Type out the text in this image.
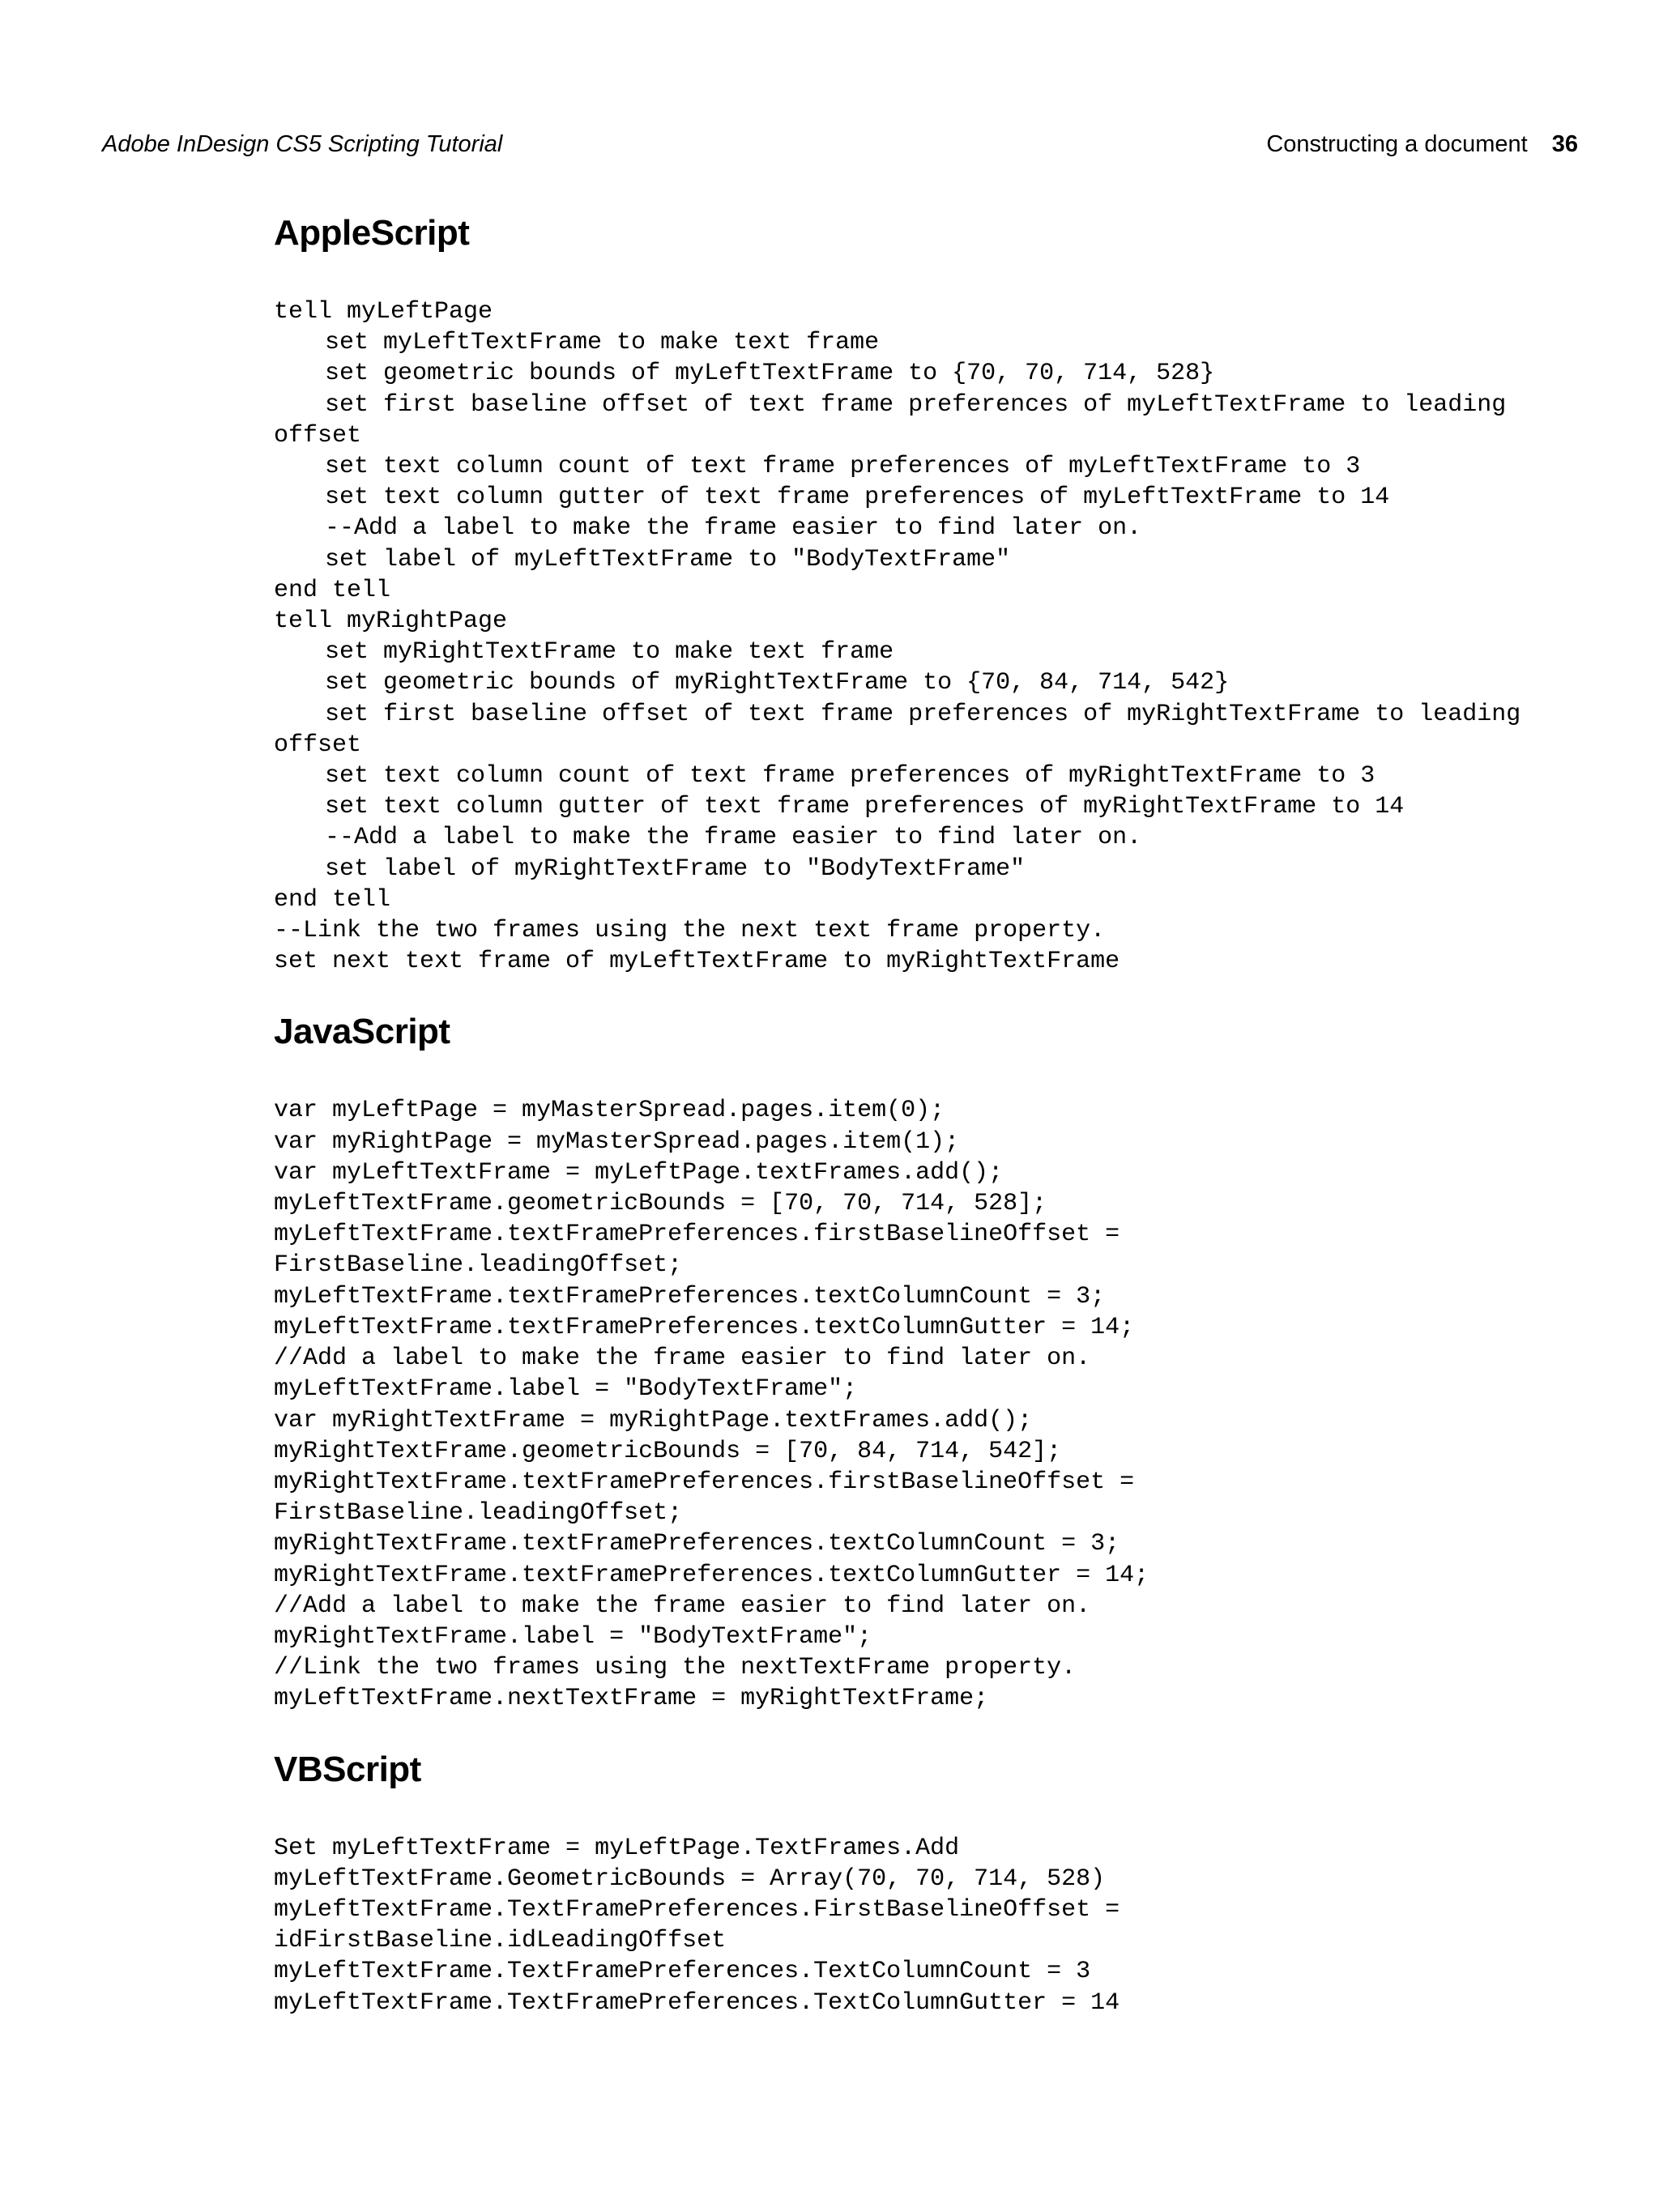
Adobe InDesign CS5 Scripting Tutorial	Constructing a document 36
AppleScript
tell myLeftPage
set myLeftTextFrame to make text frame
set geometric bounds of myLeftTextFrame to {70, 70, 714, 528}
set first baseline offset of text frame preferences of myLeftTextFrame to leading
offset
set text column count of text frame preferences of myLeftTextFrame to 3
set text column gutter of text frame preferences of myLeftTextFrame to 14
--Add a label to make the frame easier to find later on.
set label of myLeftTextFrame to "BodyTextFrame"
end tell
tell myRightPage
set myRightTextFrame to make text frame
set geometric bounds of myRightTextFrame to {70, 84, 714, 542}
set first baseline offset of text frame preferences of myRightTextFrame to leading
offset
set text column count of text frame preferences of myRightTextFrame to 3
set text column gutter of text frame preferences of myRightTextFrame to 14
--Add a label to make the frame easier to find later on.
set label of myRightTextFrame to "BodyTextFrame"
end tell
--Link the two frames using the next text frame property.
set next text frame of myLeftTextFrame to myRightTextFrame
JavaScript
var myLeftPage = myMasterSpread.pages.item(0);
var myRightPage = myMasterSpread.pages.item(1);
var myLeftTextFrame = myLeftPage.textFrames.add();
myLeftTextFrame.geometricBounds = [70, 70, 714, 528];
myLeftTextFrame.textFramePreferences.firstBaselineOffset =
FirstBaseline.leadingOffset;
myLeftTextFrame.textFramePreferences.textColumnCount = 3;
myLeftTextFrame.textFramePreferences.textColumnGutter = 14;
//Add a label to make the frame easier to find later on.
myLeftTextFrame.label = "BodyTextFrame";
var myRightTextFrame = myRightPage.textFrames.add();
myRightTextFrame.geometricBounds = [70, 84, 714, 542];
myRightTextFrame.textFramePreferences.firstBaselineOffset =
FirstBaseline.leadingOffset;
myRightTextFrame.textFramePreferences.textColumnCount = 3;
myRightTextFrame.textFramePreferences.textColumnGutter = 14;
//Add a label to make the frame easier to find later on.
myRightTextFrame.label = "BodyTextFrame";
//Link the two frames using the nextTextFrame property.
myLeftTextFrame.nextTextFrame = myRightTextFrame;
VBScript
Set myLeftTextFrame = myLeftPage.TextFrames.Add
myLeftTextFrame.GeometricBounds = Array(70, 70, 714, 528)
myLeftTextFrame.TextFramePreferences.FirstBaselineOffset =
idFirstBaseline.idLeadingOffset
myLeftTextFrame.TextFramePreferences.TextColumnCount = 3
myLeftTextFrame.TextFramePreferences.TextColumnGutter = 14
